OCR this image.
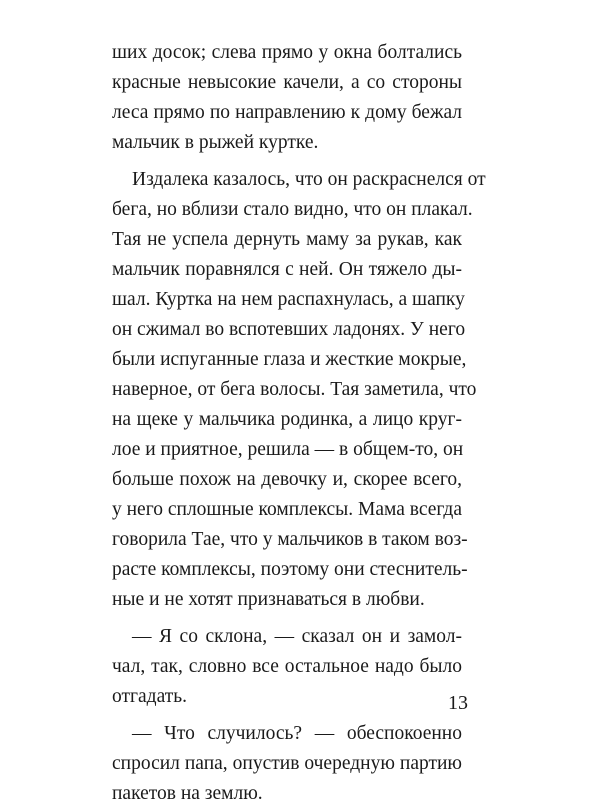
ших досок; слева прямо у окна болтались
красные невысокие качели, а со стороны
леса прямо по направлению к дому бежал
мальчик в рыжей куртке.

Издалека казалось, что он раскраснелся от
бега, но вблизи стало видно, что он плакал.
Тая не успела дернуть маму за рукав, как
мальчик поравнялся с ней. Он тяжело ды-
шал. Куртка на нем распахнулась, а шапку
он сжимал во вспотевших ладонях. У него
были испуганные глаза и жесткие мокрые,
наверное, от бега волосы. Тая заметила, что
на щеке у мальчика родинка, а лицо круг-
лое и приятное, решила — в общем-то, он
больше похож на девочку и, скорее всего,
у него сплошные комплексы. Мама всегда
говорила Тае, что у мальчиков в таком воз-
расте комплексы, поэтому они стеснитель-
ные и не хотят признаваться в любви.

— Я со склона, — сказал он и замол-
чал, так, словно все остальное надо было
отгадать.

— Что случилось? — обеспокоенно
спросил папа, опустив очередную партию
пакетов на землю.

13
